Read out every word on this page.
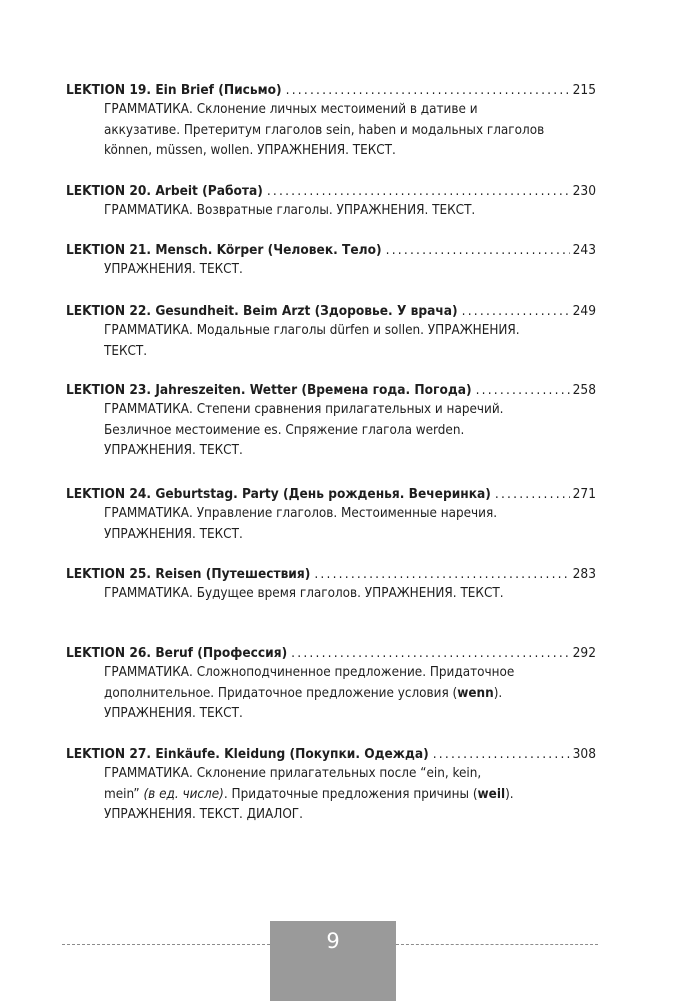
LEKTION 19. Ein Brief (Письмо) .....	215
ГРАММАТИКА. Склонение личных местоимений в дативе и
аккузативе. Претеритум глаголов sein, haben и модальных глаголов
können, müssen, wollen. УПРАЖНЕНИЯ. ТЕКСТ.
LEKTION 20. Arbeit (Работа) .....	230
ГРАММАТИКА. Возвратные глаголы. УПРАЖНЕНИЯ. ТЕКСТ.
LEKTION 21. Mensch. Körper (Человек. Тело) .....	243
УПРАЖНЕНИЯ. ТЕКСТ.
LEKTION 22. Gesundheit. Beim Arzt (Здоровье. У врача) .....	249
ГРАММАТИКА. Модальные глаголы dürfen и sollen. УПРАЖНЕНИЯ.
ТЕКСТ.
LEKTION 23. Jahreszeiten. Wetter (Времена года. Погода) .....	258
ГРАММАТИКА. Степени сравнения прилагательных и наречий.
Безличное местоимение es. Спряжение глагола werden.
УПРАЖНЕНИЯ. ТЕКСТ.
LEKTION 24. Geburtstag. Party (День рожденья. Вечеринка) .....	271
ГРАММАТИКА. Управление глаголов. Местоименные наречия.
УПРАЖНЕНИЯ. ТЕКСТ.
LEKTION 25. Reisen (Путешествия) .....	283
ГРАММАТИКА. Будущее время глаголов. УПРАЖНЕНИЯ. ТЕКСТ.
LEKTION 26. Beruf (Профессия) .....	292
ГРАММАТИКА. Сложноподчиненное предложение. Придаточное
дополнительное. Придаточное предложение условия (wenn).
УПРАЖНЕНИЯ. ТЕКСТ.
LEKTION 27. Einkäufe. Kleidung (Покупки. Одежда) .....	308
ГРАММАТИКА. Склонение прилагательных после “ein, kein,
mein” (в ед. числе). Придаточные предложения причины (weil).
УПРАЖНЕНИЯ. ТЕКСТ. ДИАЛОГ.
9
